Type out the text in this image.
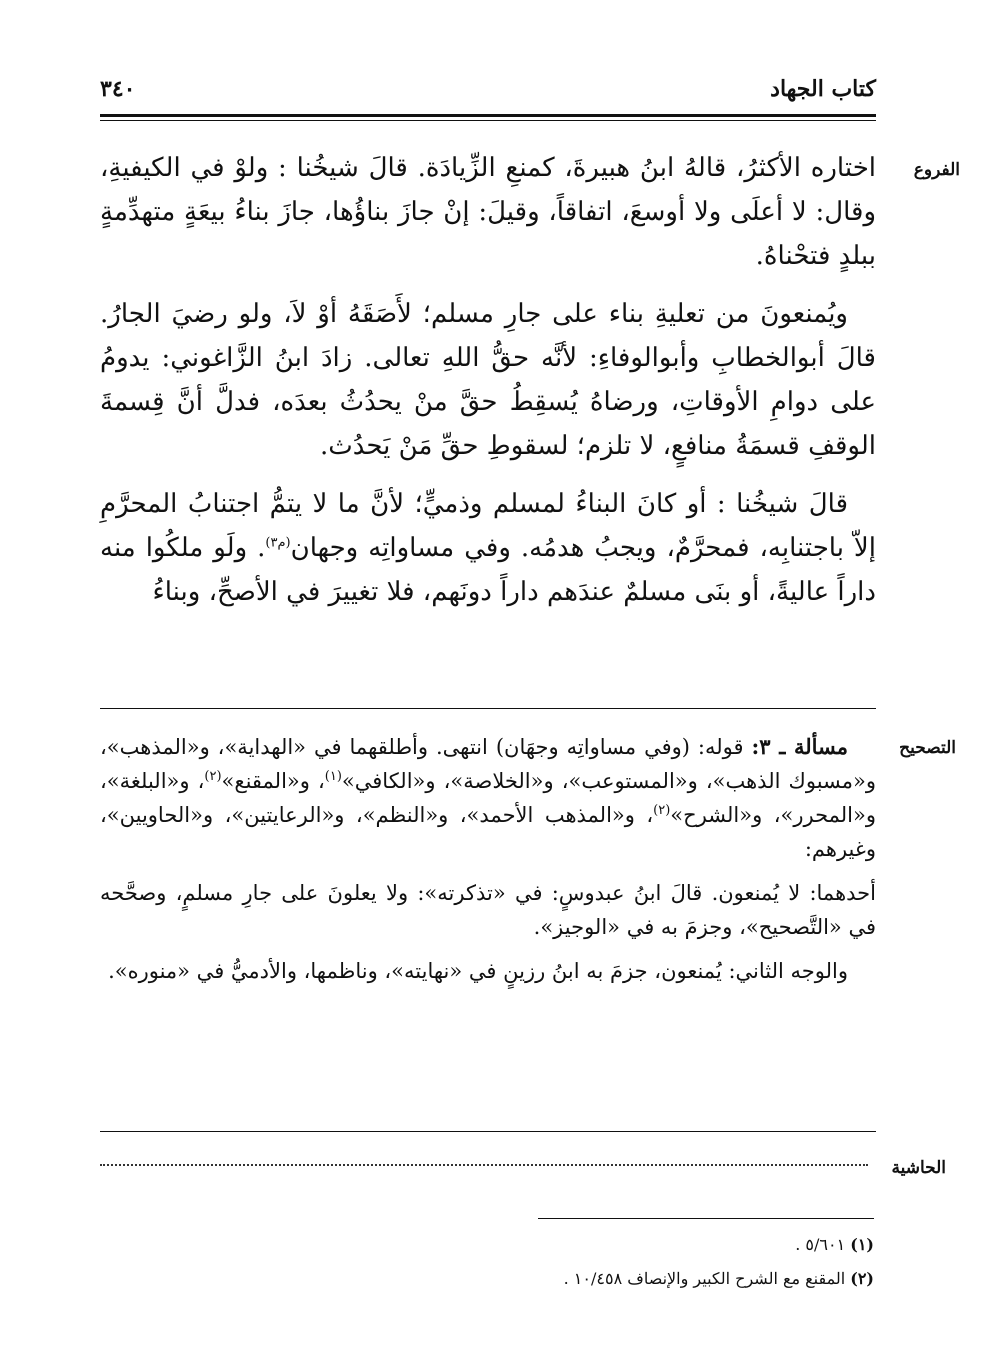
كتاب الجهاد
٣٤٠
الفروع

اختاره الأكثرُ، قالهُ ابنُ هبيرةَ، كمنعِ الزِّيادَة. قالَ شيخُنا : ولوْ في الكيفيةِ، وقال: لا أعلَى ولا أوسعَ، اتفاقاً، وقيلَ: إنْ جازَ بناؤُها، جازَ بناءُ بيعَةٍ متهدِّمةٍ ببلدٍ فتحْناهُ.

ويُمنعونَ من تعليةِ بناء على جارِ مسلم؛ لأَصَقَهُ أوْ لاَ، ولو رضيَ الجارُ. قالَ أبوالخطابِ وأبوالوفاءِ: لأنَّه حقُّ اللهِ تعالى. زادَ ابنُ الزَّاغوني: يدومُ على دوامِ الأوقاتِ، ورضاهُ يُسقِطُ حقَّ منْ يحدُثُ بعدَه، فدلَّ أنَّ قِسمةَ الوقفِ قسمَةُ منافعٍ، لا تلزم؛ لسقوطِ حقِّ مَنْ يَحدُث.

قالَ شيخُنا : أو كانَ البناءُ لمسلم وذميٍّ؛ لأنَّ ما لا يتمُّ اجتنابُ المحرَّمِ إلاّ باجتنابِه، فمحرَّمٌ، ويجبُ هدمُه. وفي مساواتِه وجهان$^{(م٣)}$. ولَو ملكُوا منه داراً عاليةً، أو بنَى مسلمٌ عندَهم داراً دونَهم، فلا تغييرَ في الأصحِّ، وبناءُ

التصحيح

مسألة ـ ٣: قوله: (وفي مساواتِه وجهَان) انتهى. وأطلقهما في «الهداية»، و«المذهب»، و«مسبوك الذهب»، و«المستوعب»، و«الخلاصة»، و«الكافي»$^{(١)}$، و«المقنع»$^{(٢)}$، و«البلغة»، و«المحرر»، و«الشرح»$^{(٢)}$، و«المذهب الأحمد»، و«النظم»، و«الرعايتين»، و«الحاويين»، وغيرهم:

أحدهما: لا يُمنعون. قالَ ابنُ عبدوسٍ: في «تذكرته»: ولا يعلونَ على جارِ مسلمٍ، وصحَّحه في «التَّصحيح»، وجزمَ به في «الوجيز».

والوجه الثاني: يُمنعون، جزمَ به ابنُ رزينٍ في «نهايته»، وناظمها، والأدميُّ في «منوره».

الحاشية
(١) ٥/٦٠١ .
(٢) المقنع مع الشرح الكبير والإنصاف ١٠/٤٥٨ .
